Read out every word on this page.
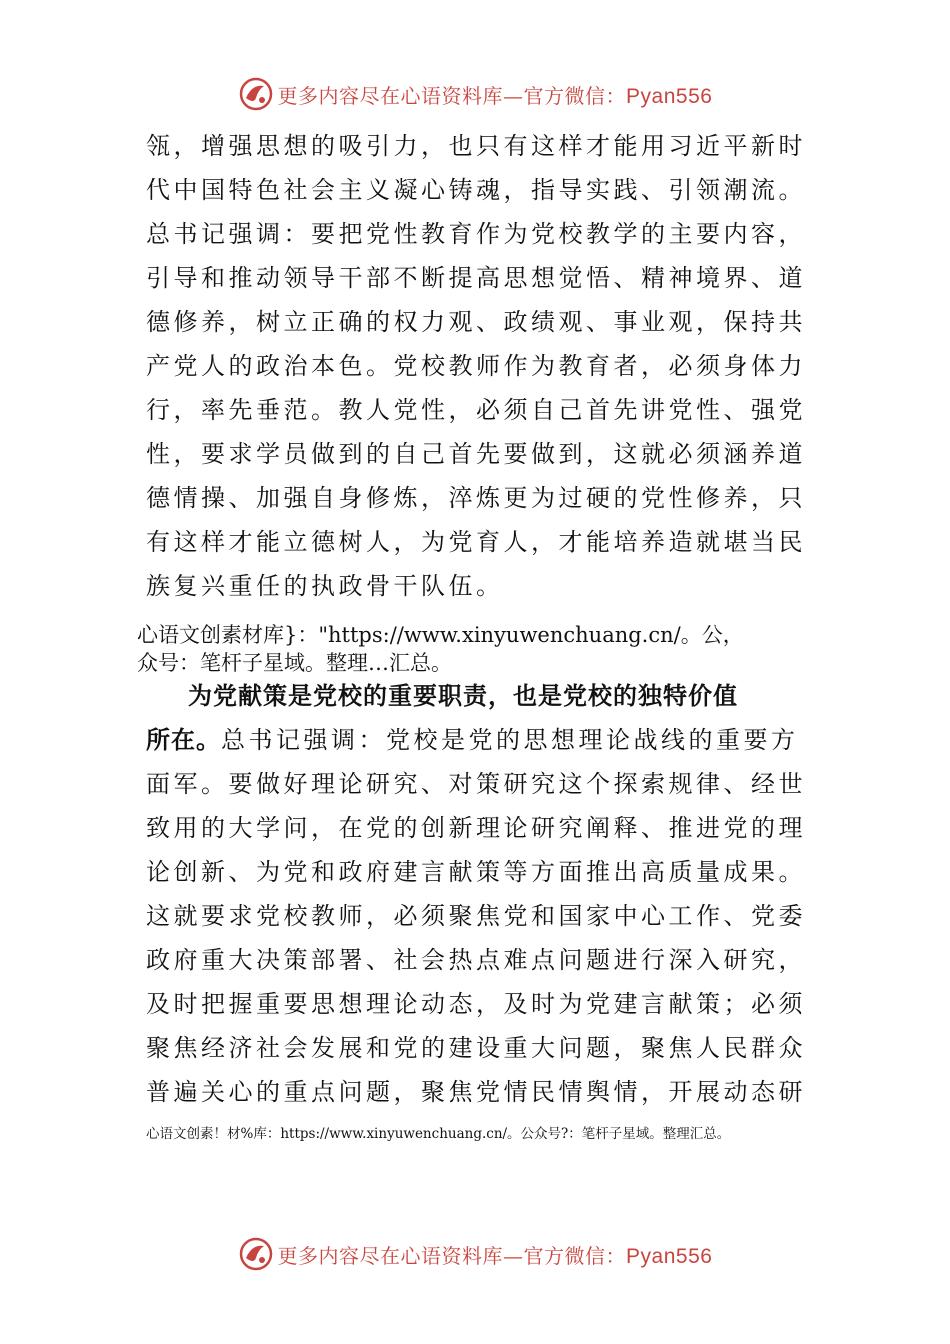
更多内容尽在心语资料库—官方微信：Pyan556
瓴，增强思想的吸引力，也只有这样才能用习近平新时
代中国特色社会主义凝心铸魂，指导实践、引领潮流。
总书记强调：要把党性教育作为党校教学的主要内容，
引导和推动领导干部不断提高思想觉悟、精神境界、道
德修养，树立正确的权力观、政绩观、事业观，保持共
产党人的政治本色。党校教师作为教育者，必须身体力
行，率先垂范。教人党性，必须自己首先讲党性、强党
性，要求学员做到的自己首先要做到，这就必须涵养道
德情操、加强自身修炼，淬炼更为过硬的党性修养，只
有这样才能立德树人，为党育人，才能培养造就堪当民
族复兴重任的执政骨干队伍。
心语文创素材库}："https://www.xinyuwenchuang.cn/。公，
众号：笔杆子星域。整理…汇总。
为党献策是党校的重要职责，也是党校的独特价值
所在。总书记强调：党校是党的思想理论战线的重要方
面军。要做好理论研究、对策研究这个探索规律、经世
致用的大学问，在党的创新理论研究阐释、推进党的理
论创新、为党和政府建言献策等方面推出高质量成果。
这就要求党校教师，必须聚焦党和国家中心工作、党委
政府重大决策部署、社会热点难点问题进行深入研究，
及时把握重要思想理论动态，及时为党建言献策；必须
聚焦经济社会发展和党的建设重大问题，聚焦人民群众
普遍关心的重点问题，聚焦党情民情舆情，开展动态研
心语文创素！材%库：https://www.xinyuwenchuang.cn/。公众号?：笔杆子星域。整理汇总。
更多内容尽在心语资料库—官方微信：Pyan556
